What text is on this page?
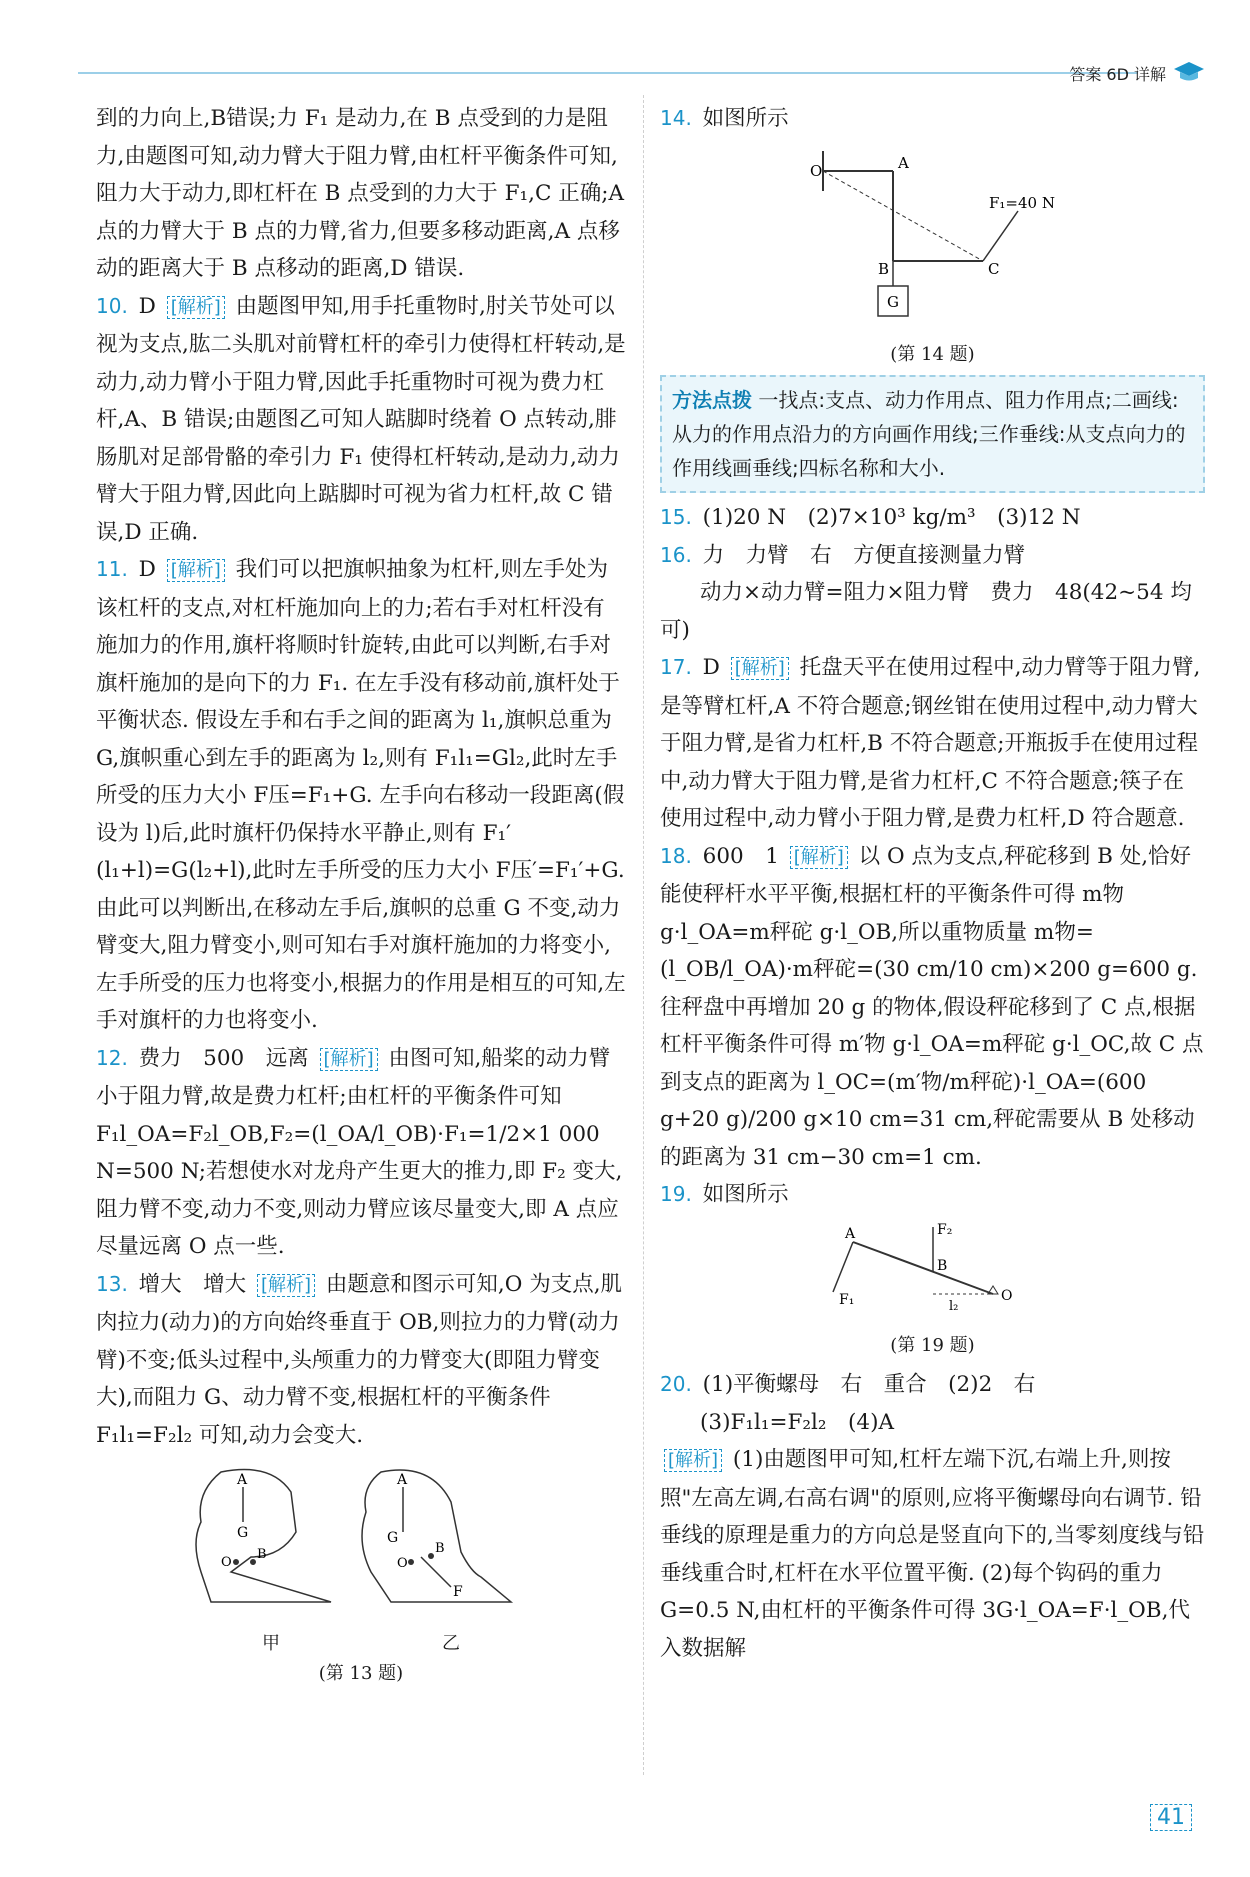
答案 6D 详解

到的力向上,B错误;力 F₁ 是动力,在 B 点受到的力是阻力,由题图可知,动力臂大于阻力臂,由杠杆平衡条件可知,阻力大于动力,即杠杆在 B 点受到的力大于 F₁,C 正确;A 点的力臂大于 B 点的力臂,省力,但要多移动距离,A 点移动的距离大于 B 点移动的距离,D 错误.

10. D [解析] 由题图甲知,用手托重物时,肘关节处可以视为支点,肱二头肌对前臂杠杆的牵引力使得杠杆转动,是动力,动力臂小于阻力臂,因此手托重物时可视为费力杠杆,A、B 错误;由题图乙可知人踮脚时绕着 O 点转动,腓肠肌对足部骨骼的牵引力 F₁ 使得杠杆转动,是动力,动力臂大于阻力臂,因此向上踮脚时可视为省力杠杆,故 C 错误,D 正确.

11. D [解析] 我们可以把旗帜抽象为杠杆,则左手处为该杠杆的支点,对杠杆施加向上的力;若右手对杠杆没有施加力的作用,旗杆将顺时针旋转,由此可以判断,右手对旗杆施加的是向下的力 F₁. 在左手没有移动前,旗杆处于平衡状态. 假设左手和右手之间的距离为 l₁,旗帜总重为 G,旗帜重心到左手的距离为 l₂,则有 F₁l₁=Gl₂,此时左手所受的压力大小 F压=F₁+G. 左手向右移动一段距离(假设为 l)后,此时旗杆仍保持水平静止,则有 F₁′(l₁+l)=G(l₂+l),此时左手所受的压力大小 F压′=F₁′+G. 由此可以判断出,在移动左手后,旗帜的总重 G 不变,动力臂变大,阻力臂变小,则可知右手对旗杆施加的力将变小,左手所受的压力也将变小,根据力的作用是相互的可知,左手对旗杆的力也将变小.

12. 费力　500　远离 [解析] 由图可知,船桨的动力臂小于阻力臂,故是费力杠杆;由杠杆的平衡条件可知 F₁l_OA=F₂l_OB,F₂=(l_OA/l_OB)·F₁=1/2×1 000 N=500 N;若想使水对龙舟产生更大的推力,即 F₂ 变大,阻力臂不变,动力不变,则动力臂应该尽量变大,即 A 点应尽量远离 O 点一些.

13. 增大　增大 [解析] 由题意和图示可知,O 为支点,肌肉拉力(动力)的方向始终垂直于 OB,则拉力的力臂(动力臂)不变;低头过程中,头颅重力的力臂变大(即阻力臂变大),而阻力 G、动力臂不变,根据杠杆的平衡条件 F₁l₁=F₂l₂ 可知,动力会变大.

A
G
O
B
A
G
F
O
B
甲	乙
(第 13 题)

14. 如图所示

O	A
B	C
F₁=40 N
G
(第 14 题)
方法点拨 一找点:支点、动力作用点、阻力作用点;二画线:从力的作用点沿力的方向画作用线;三作垂线:从支点向力的作用线画垂线;四标名称和大小.

15. (1)20 N　(2)7×10³ kg/m³　(3)12 N

16. 力　力臂　右　方便直接测量力臂
动力×动力臂=阻力×阻力臂　费力　48(42~54 均可)

17. D [解析] 托盘天平在使用过程中,动力臂等于阻力臂,是等臂杠杆,A 不符合题意;钢丝钳在使用过程中,动力臂大于阻力臂,是省力杠杆,B 不符合题意;开瓶扳手在使用过程中,动力臂大于阻力臂,是省力杠杆,C 不符合题意;筷子在使用过程中,动力臂小于阻力臂,是费力杠杆,D 符合题意.

18. 600　1 [解析] 以 O 点为支点,秤砣移到 B 处,恰好能使秤杆水平平衡,根据杠杆的平衡条件可得 m物 g·l_OA=m秤砣 g·l_OB,所以重物质量 m物=(l_OB/l_OA)·m秤砣=(30 cm/10 cm)×200 g=600 g. 往秤盘中再增加 20 g 的物体,假设秤砣移到了 C 点,根据杠杆平衡条件可得 m′物 g·l_OA=m秤砣 g·l_OC,故 C 点到支点的距离为 l_OC=(m′物/m秤砣)·l_OA=(600 g+20 g)/200 g×10 cm=31 cm,秤砣需要从 B 处移动的距离为 31 cm−30 cm=1 cm.

19. 如图所示

A
B
F₂
F₁	l₂
O
(第 19 题)

20. (1)平衡螺母　右　重合　(2)2　右
(3)F₁l₁=F₂l₂　(4)A
[解析] (1)由题图甲可知,杠杆左端下沉,右端上升,则按照"左高左调,右高右调"的原则,应将平衡螺母向右调节. 铅垂线的原理是重力的方向总是竖直向下的,当零刻度线与铅垂线重合时,杠杆在水平位置平衡. (2)每个钩码的重力 G=0.5 N,由杠杆的平衡条件可得 3G·l_OA=F·l_OB,代入数据解

41
